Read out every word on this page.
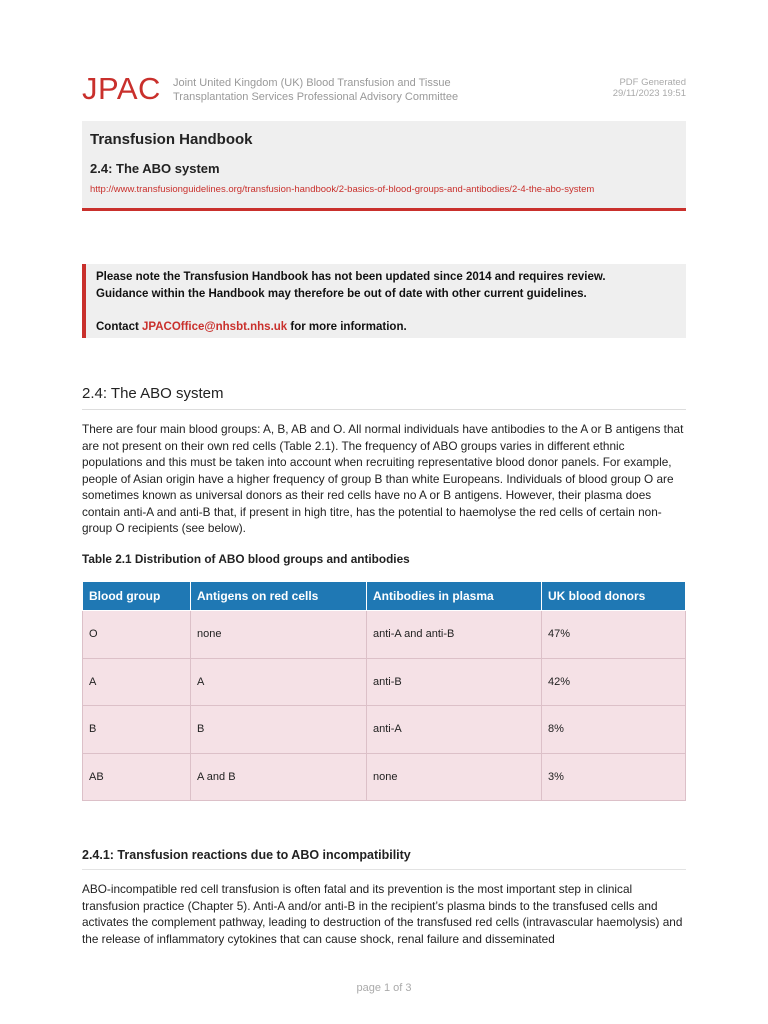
JPAC Joint United Kingdom (UK) Blood Transfusion and Tissue
Transplantation Services Professional Advisory Committee
PDF Generated
29/11/2023 19:51
Transfusion Handbook
2.4: The ABO system
http://www.transfusionguidelines.org/transfusion-handbook/2-basics-of-blood-groups-and-antibodies/2-4-the-abo-system
Please note the Transfusion Handbook has not been updated since 2014 and requires review.
Guidance within the Handbook may therefore be out of date with other current guidelines.
Contact JPACOffice@nhsbt.nhs.uk for more information.
2.4: The ABO system
There are four main blood groups: A, B, AB and O. All normal individuals have antibodies to the A or B antigens that are not present on their own red cells (Table 2.1). The frequency of ABO groups varies in different ethnic populations and this must be taken into account when recruiting representative blood donor panels. For example, people of Asian origin have a higher frequency of group B than white Europeans. Individuals of blood group O are sometimes known as universal donors as their red cells have no A or B antigens. However, their plasma does contain anti-A and anti-B that, if present in high titre, has the potential to haemolyse the red cells of certain non-group O recipients (see below).
Table 2.1 Distribution of ABO blood groups and antibodies
Blood group	Antigens on red cells	Antibodies in plasma	UK blood donors
O	none	anti-A and anti-B	47%
A	A	anti-B	42%
B	B	anti-A	8%
AB	A and B	none	3%
2.4.1: Transfusion reactions due to ABO incompatibility
ABO-incompatible red cell transfusion is often fatal and its prevention is the most important step in clinical transfusion practice (Chapter 5). Anti-A and/or anti-B in the recipient’s plasma binds to the transfused cells and activates the complement pathway, leading to destruction of the transfused red cells (intravascular haemolysis) and the release of inflammatory cytokines that can cause shock, renal failure and disseminated
page 1 of 3
